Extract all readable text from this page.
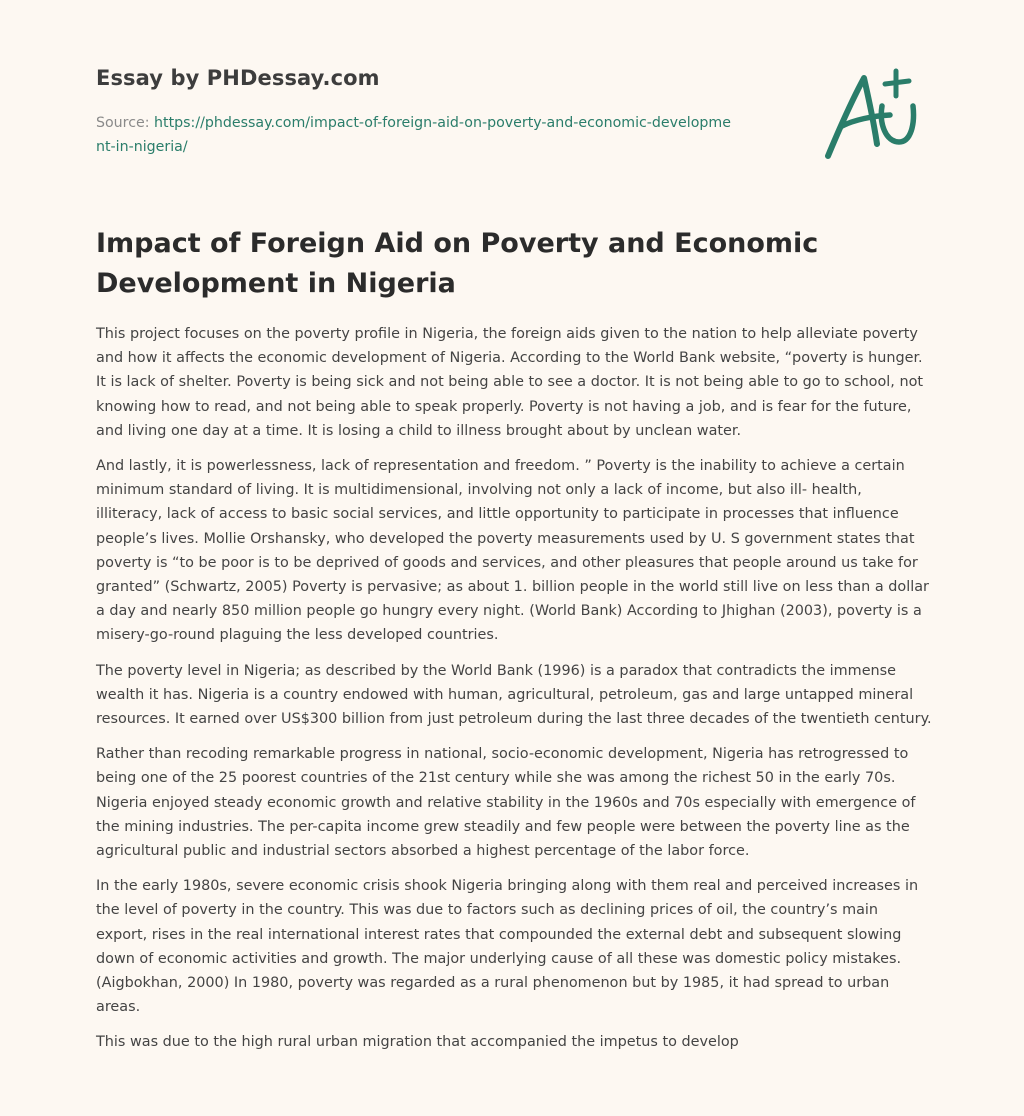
Essay by PHDessay.com
Source: https://phdessay.com/impact-of-foreign-aid-on-poverty-and-economic-development-in-nigeria/
Impact of Foreign Aid on Poverty and Economic Development in Nigeria

This project focuses on the poverty profile in Nigeria, the foreign aids given to the nation to help alleviate poverty and how it affects the economic development of Nigeria. According to the World Bank website, “poverty is hunger. It is lack of shelter. Poverty is being sick and not being able to see a doctor. It is not being able to go to school, not knowing how to read, and not being able to speak properly. Poverty is not having a job, and is fear for the future, and living one day at a time. It is losing a child to illness brought about by unclean water.

And lastly, it is powerlessness, lack of representation and freedom. ” Poverty is the inability to achieve a certain minimum standard of living. It is multidimensional, involving not only a lack of income, but also ill- health, illiteracy, lack of access to basic social services, and little opportunity to participate in processes that influence people’s lives. Mollie Orshansky, who developed the poverty measurements used by U. S government states that poverty is “to be poor is to be deprived of goods and services, and other pleasures that people around us take for granted” (Schwartz, 2005) Poverty is pervasive; as about 1. billion people in the world still live on less than a dollar a day and nearly 850 million people go hungry every night. (World Bank) According to Jhighan (2003), poverty is a misery-go-round plaguing the less developed countries.

The poverty level in Nigeria; as described by the World Bank (1996) is a paradox that contradicts the immense wealth it has. Nigeria is a country endowed with human, agricultural, petroleum, gas and large untapped mineral resources. It earned over US$300 billion from just petroleum during the last three decades of the twentieth century.

Rather than recoding remarkable progress in national, socio-economic development, Nigeria has retrogressed to being one of the 25 poorest countries of the 21st century while she was among the richest 50 in the early 70s. Nigeria enjoyed steady economic growth and relative stability in the 1960s and 70s especially with emergence of the mining industries. The per-capita income grew steadily and few people were between the poverty line as the agricultural public and industrial sectors absorbed a highest percentage of the labor force.

In the early 1980s, severe economic crisis shook Nigeria bringing along with them real and perceived increases in the level of poverty in the country. This was due to factors such as declining prices of oil, the country’s main export, rises in the real international interest rates that compounded the external debt and subsequent slowing down of economic activities and growth. The major underlying cause of all these was domestic policy mistakes. (Aigbokhan, 2000) In 1980, poverty was regarded as a rural phenomenon but by 1985, it had spread to urban areas.

This was due to the high rural urban migration that accompanied the impetus to develop
